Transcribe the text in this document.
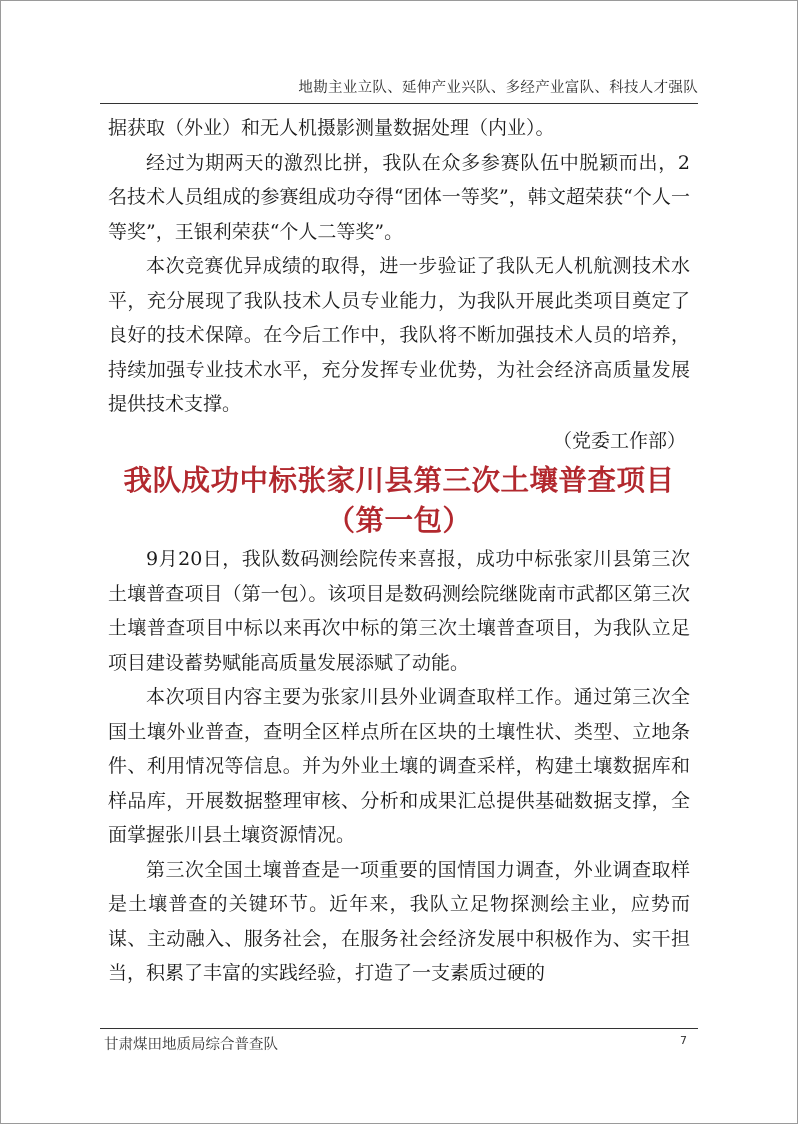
地勘主业立队、延伸产业兴队、多经产业富队、科技人才强队

据获取（外业）和无人机摄影测量数据处理（内业）。

经过为期两天的激烈比拼，我队在众多参赛队伍中脱颖而出，2名技术人员组成的参赛组成功夺得“团体一等奖”，韩文超荣获“个人一等奖”，王银利荣获“个人二等奖”。

本次竞赛优异成绩的取得，进一步验证了我队无人机航测技术水平，充分展现了我队技术人员专业能力，为我队开展此类项目奠定了良好的技术保障。在今后工作中，我队将不断加强技术人员的培养，持续加强专业技术水平，充分发挥专业优势，为社会经济高质量发展提供技术支撑。

（党委工作部）

我队成功中标张家川县第三次土壤普查项目
（第一包）

9月20日，我队数码测绘院传来喜报，成功中标张家川县第三次土壤普查项目（第一包）。该项目是数码测绘院继陇南市武都区第三次土壤普查项目中标以来再次中标的第三次土壤普查项目，为我队立足项目建设蓄势赋能高质量发展添赋了动能。

本次项目内容主要为张家川县外业调查取样工作。通过第三次全国土壤外业普查，查明全区样点所在区块的土壤性状、类型、立地条件、利用情况等信息。并为外业土壤的调查采样，构建土壤数据库和样品库，开展数据整理审核、分析和成果汇总提供基础数据支撑，全面掌握张川县土壤资源情况。

第三次全国土壤普查是一项重要的国情国力调查，外业调查取样是土壤普查的关键环节。近年来，我队立足物探测绘主业，应势而谋、主动融入、服务社会，在服务社会经济发展中积极作为、实干担当，积累了丰富的实践经验，打造了一支素质过硬的

甘肃煤田地质局综合普查队	7
